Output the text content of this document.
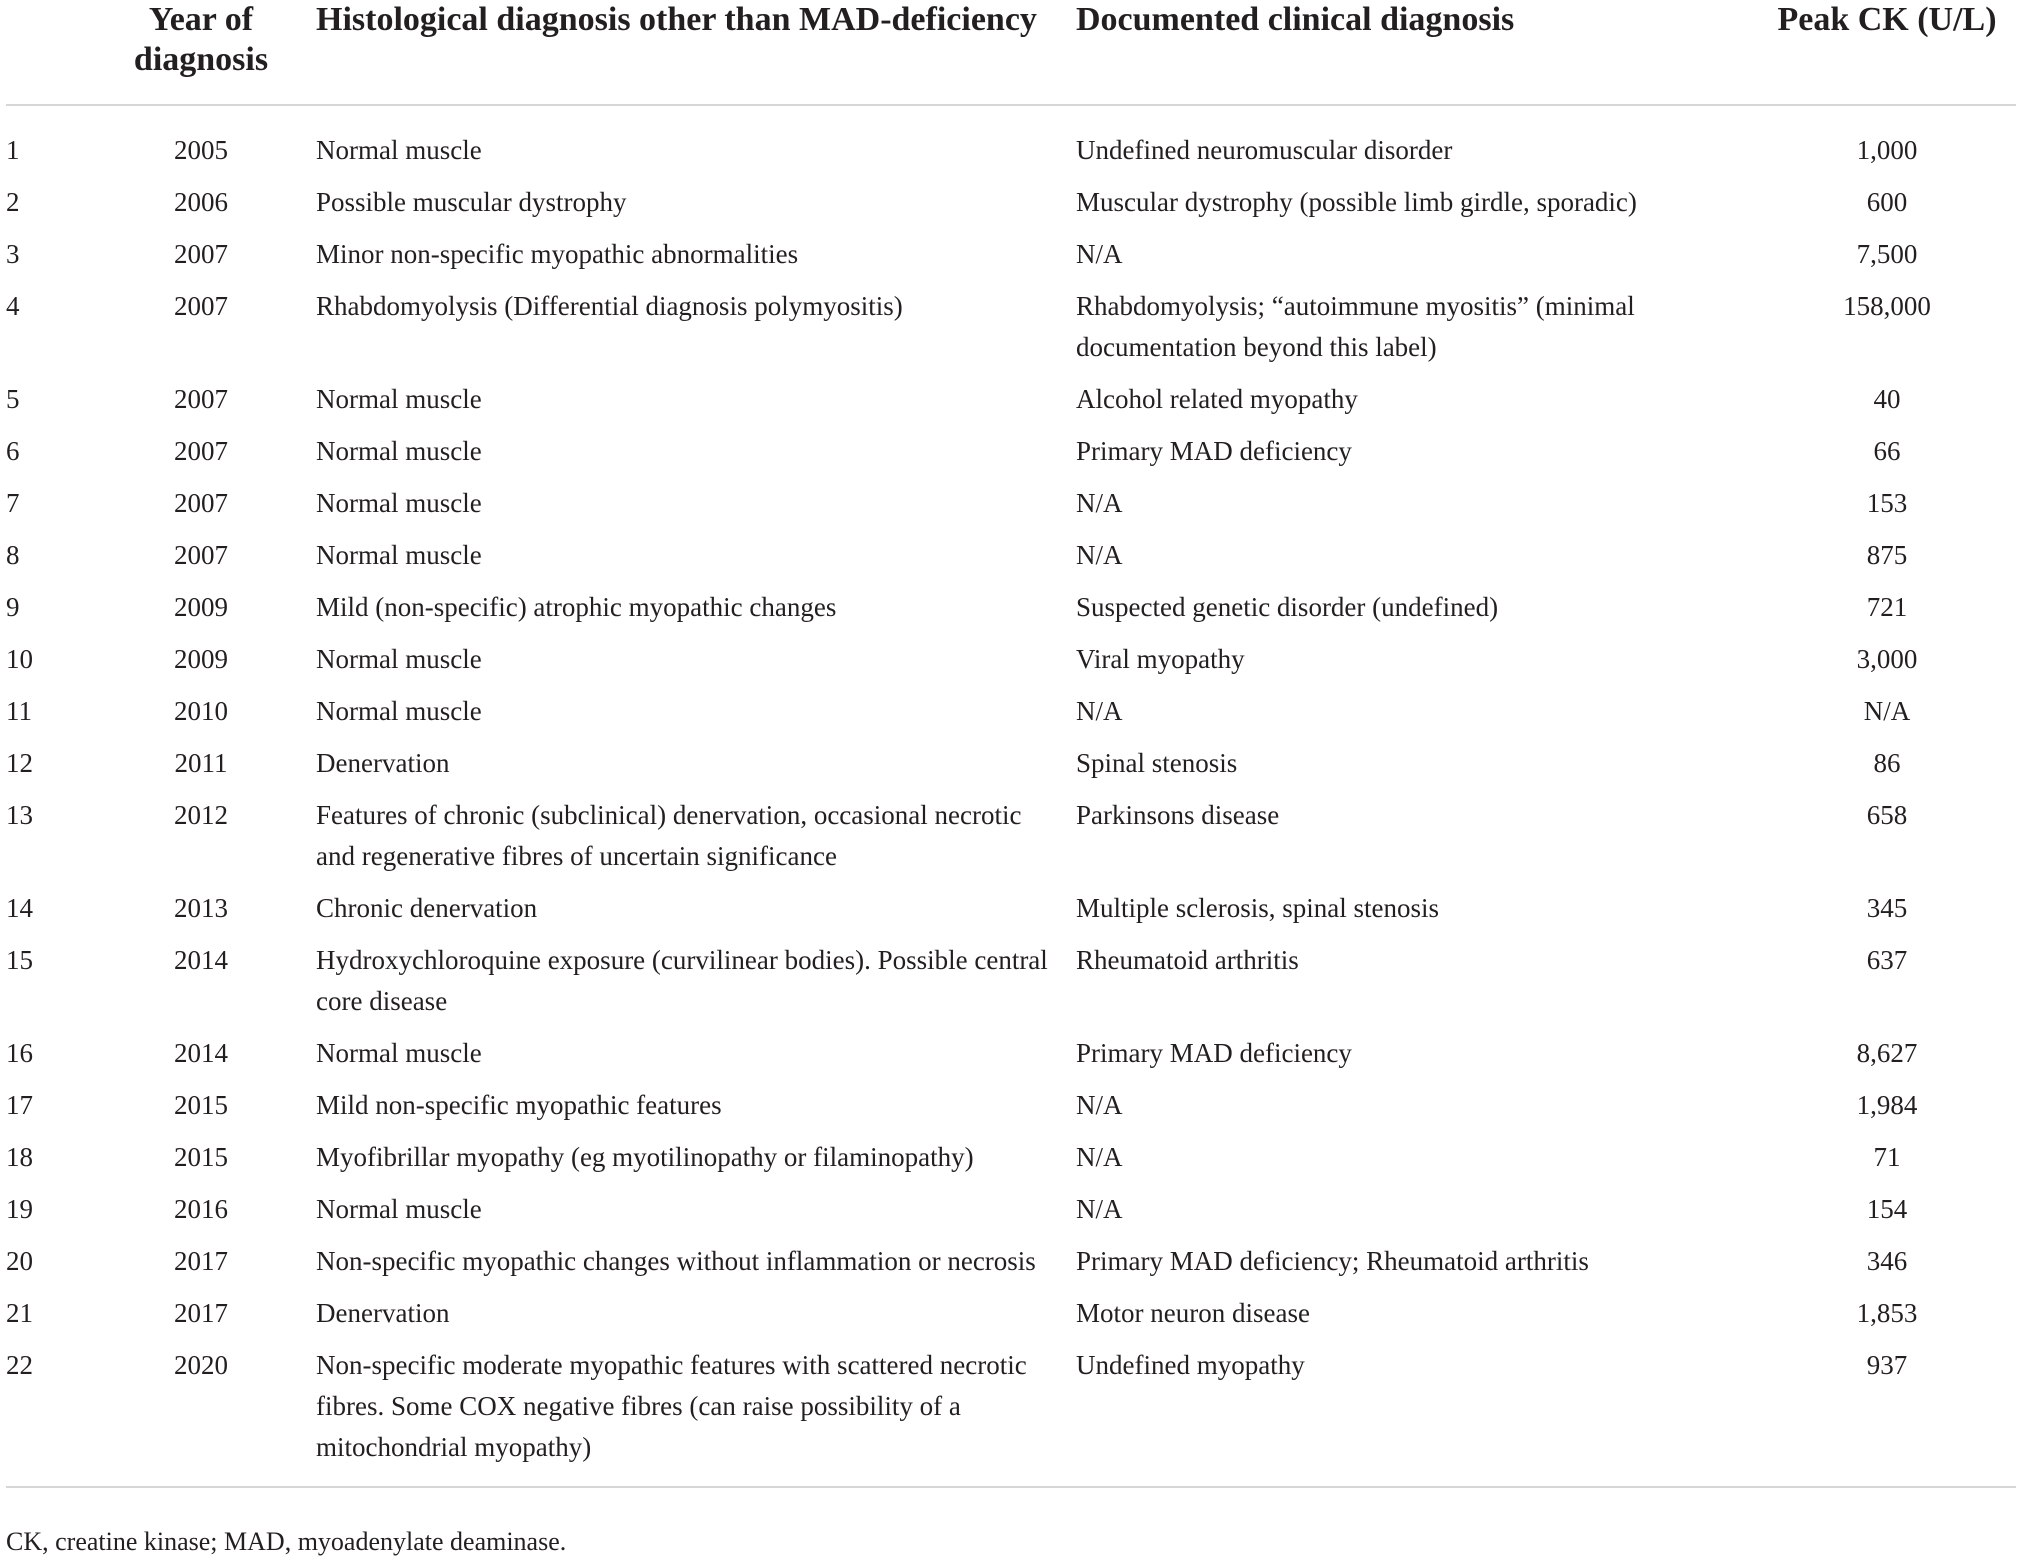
	Year of diagnosis	Histological diagnosis other than MAD-deficiency	Documented clinical diagnosis	Peak CK (U/L)
1	2005	Normal muscle	Undefined neuromuscular disorder	1,000
2	2006	Possible muscular dystrophy	Muscular dystrophy (possible limb girdle, sporadic)	600
3	2007	Minor non-specific myopathic abnormalities	N/A	7,500
4	2007	Rhabdomyolysis (Differential diagnosis polymyositis)	Rhabdomyolysis; “autoimmune myositis” (minimal documentation beyond this label)	158,000
5	2007	Normal muscle	Alcohol related myopathy	40
6	2007	Normal muscle	Primary MAD deficiency	66
7	2007	Normal muscle	N/A	153
8	2007	Normal muscle	N/A	875
9	2009	Mild (non-specific) atrophic myopathic changes	Suspected genetic disorder (undefined)	721
10	2009	Normal muscle	Viral myopathy	3,000
11	2010	Normal muscle	N/A	N/A
12	2011	Denervation	Spinal stenosis	86
13	2012	Features of chronic (subclinical) denervation, occasional necrotic and regenerative fibres of uncertain significance	Parkinsons disease	658
14	2013	Chronic denervation	Multiple sclerosis, spinal stenosis	345
15	2014	Hydroxychloroquine exposure (curvilinear bodies). Possible central core disease	Rheumatoid arthritis	637
16	2014	Normal muscle	Primary MAD deficiency	8,627
17	2015	Mild non-specific myopathic features	N/A	1,984
18	2015	Myofibrillar myopathy (eg myotilinopathy or filaminopathy)	N/A	71
19	2016	Normal muscle	N/A	154
20	2017	Non-specific myopathic changes without inflammation or necrosis	Primary MAD deficiency; Rheumatoid arthritis	346
21	2017	Denervation	Motor neuron disease	1,853
22	2020	Non-specific moderate myopathic features with scattered necrotic fibres. Some COX negative fibres (can raise possibility of a mitochondrial myopathy)	Undefined myopathy	937
CK, creatine kinase; MAD, myoadenylate deaminase.
